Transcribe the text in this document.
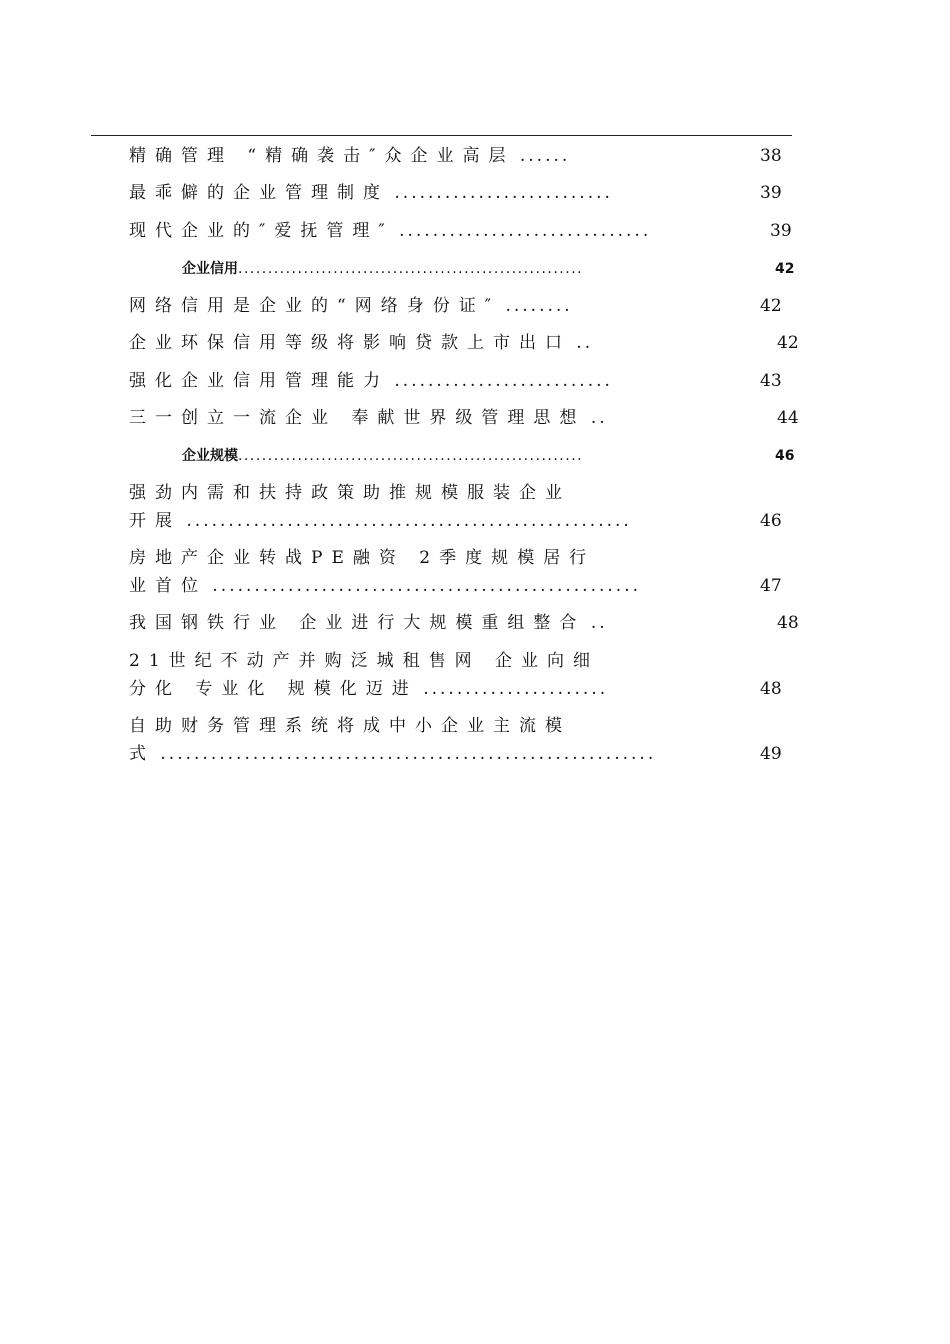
精确管理 “精确袭击″众企业高层 ......	38
最乖僻的企业管理制度 ..........................	39
现代企业的″爱抚管理″ ..............................	39
企业信用..........................................................	42
网络信用是企业的“网络身份证″ ........	42
企业环保信用等级将影响贷款上市出口 ..	42
强化企业信用管理能力 ..........................	43
三一创立一流企业 奉献世界级管理思想 ..	44
企业规模..........................................................	46
强劲内需和扶持政策助推规模服装企业
开展 .....................................................	46
房地产企业转战PE融资 2季度规模居行
业首位 ...................................................	47
我国钢铁行业 企业进行大规模重组整合 ..	48
21世纪不动产并购泛城租售网 企业向细
分化 专业化 规模化迈进 ......................	48
自助财务管理系统将成中小企业主流模
式 ...........................................................	49
